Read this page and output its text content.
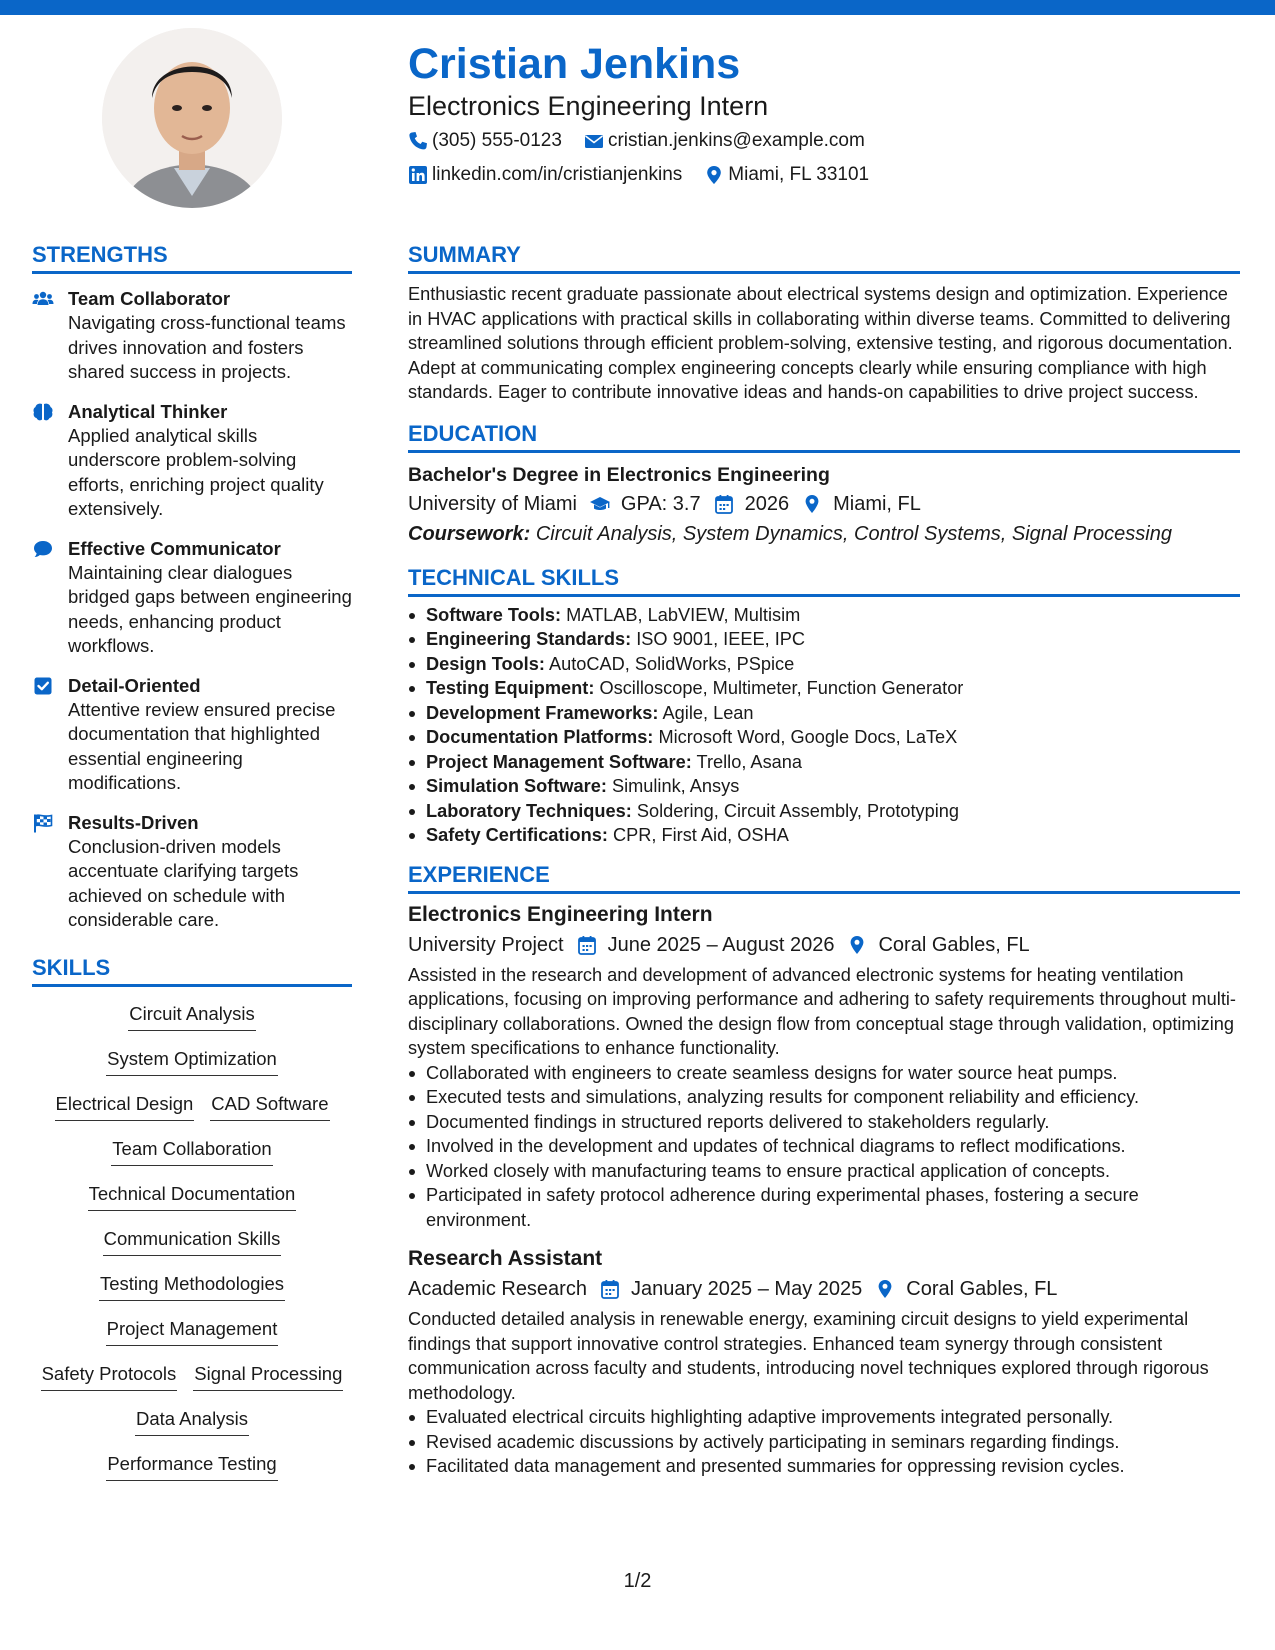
Cristian Jenkins
Electronics Engineering Intern
(305) 555-0123 cristian.jenkins@example.com
linkedin.com/in/cristianjenkins Miami, FL 33101
STRENGTHS
Team Collaborator
Navigating cross-functional teams drives innovation and fosters shared success in projects.
Analytical Thinker
Applied analytical skills underscore problem-solving efforts, enriching project quality extensively.
Effective Communicator
Maintaining clear dialogues bridged gaps between engineering needs, enhancing product workflows.
Detail-Oriented
Attentive review ensured precise documentation that highlighted essential engineering modifications.
Results-Driven
Conclusion-driven models accentuate clarifying targets achieved on schedule with considerable care.
SKILLS
Circuit Analysis
System Optimization
Electrical Design CAD Software
Team Collaboration
Technical Documentation
Communication Skills
Testing Methodologies
Project Management
Safety Protocols Signal Processing
Data Analysis
Performance Testing
SUMMARY
Enthusiastic recent graduate passionate about electrical systems design and optimization. Experience in HVAC applications with practical skills in collaborating within diverse teams. Committed to delivering streamlined solutions through efficient problem-solving, extensive testing, and rigorous documentation. Adept at communicating complex engineering concepts clearly while ensuring compliance with high standards. Eager to contribute innovative ideas and hands-on capabilities to drive project success.
EDUCATION
Bachelor's Degree in Electronics Engineering
University of Miami GPA: 3.7 2026 Miami, FL
Coursework: Circuit Analysis, System Dynamics, Control Systems, Signal Processing
TECHNICAL SKILLS
Software Tools: MATLAB, LabVIEW, Multisim
Engineering Standards: ISO 9001, IEEE, IPC
Design Tools: AutoCAD, SolidWorks, PSpice
Testing Equipment: Oscilloscope, Multimeter, Function Generator
Development Frameworks: Agile, Lean
Documentation Platforms: Microsoft Word, Google Docs, LaTeX
Project Management Software: Trello, Asana
Simulation Software: Simulink, Ansys
Laboratory Techniques: Soldering, Circuit Assembly, Prototyping
Safety Certifications: CPR, First Aid, OSHA
EXPERIENCE
Electronics Engineering Intern
University Project June 2025 – August 2026 Coral Gables, FL
Assisted in the research and development of advanced electronic systems for heating ventilation applications, focusing on improving performance and adhering to safety requirements throughout multi-disciplinary collaborations. Owned the design flow from conceptual stage through validation, optimizing system specifications to enhance functionality.
Collaborated with engineers to create seamless designs for water source heat pumps.
Executed tests and simulations, analyzing results for component reliability and efficiency.
Documented findings in structured reports delivered to stakeholders regularly.
Involved in the development and updates of technical diagrams to reflect modifications.
Worked closely with manufacturing teams to ensure practical application of concepts.
Participated in safety protocol adherence during experimental phases, fostering a secure environment.
Research Assistant
Academic Research January 2025 – May 2025 Coral Gables, FL
Conducted detailed analysis in renewable energy, examining circuit designs to yield experimental findings that support innovative control strategies. Enhanced team synergy through consistent communication across faculty and students, introducing novel techniques explored through rigorous methodology.
Evaluated electrical circuits highlighting adaptive improvements integrated personally.
Revised academic discussions by actively participating in seminars regarding findings.
Facilitated data management and presented summaries for oppressing revision cycles.
1/2
